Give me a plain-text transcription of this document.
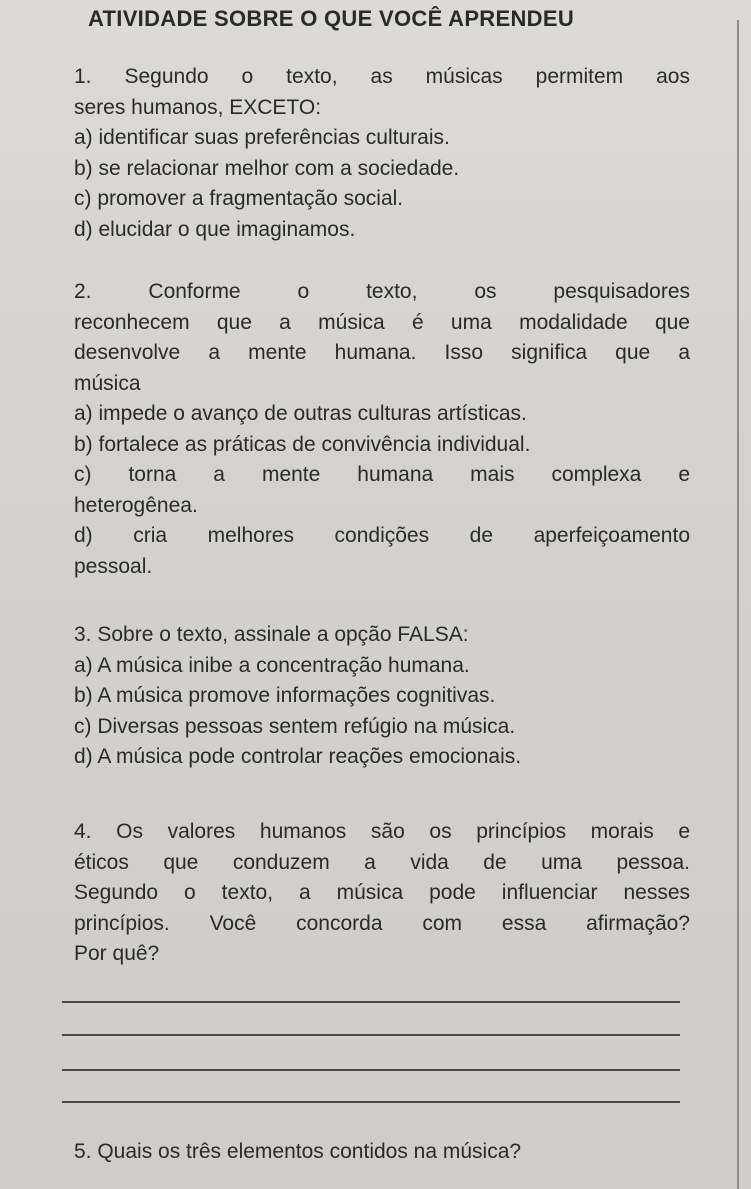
ATIVIDADE SOBRE O QUE VOCÊ APRENDEU
1. Segundo o texto, as músicas permitem aos
seres humanos, EXCETO:
a) identificar suas preferências culturais.
b) se relacionar melhor com a sociedade.
c) promover a fragmentação social.
d) elucidar o que imaginamos.
2. Conforme o texto, os pesquisadores
reconhecem que a música é uma modalidade que
desenvolve a mente humana. Isso significa que a
música
a) impede o avanço de outras culturas artísticas.
b) fortalece as práticas de convivência individual.
c) torna a mente humana mais complexa e
heterogênea.
d) cria melhores condições de aperfeiçoamento
pessoal.
3. Sobre o texto, assinale a opção FALSA:
a) A música inibe a concentração humana.
b) A música promove informações cognitivas.
c) Diversas pessoas sentem refúgio na música.
d) A música pode controlar reações emocionais.
4. Os valores humanos são os princípios morais e
éticos que conduzem a vida de uma pessoa.
Segundo o texto, a música pode influenciar nesses
princípios. Você concorda com essa afirmação?
Por quê?
5. Quais os três elementos contidos na música?
